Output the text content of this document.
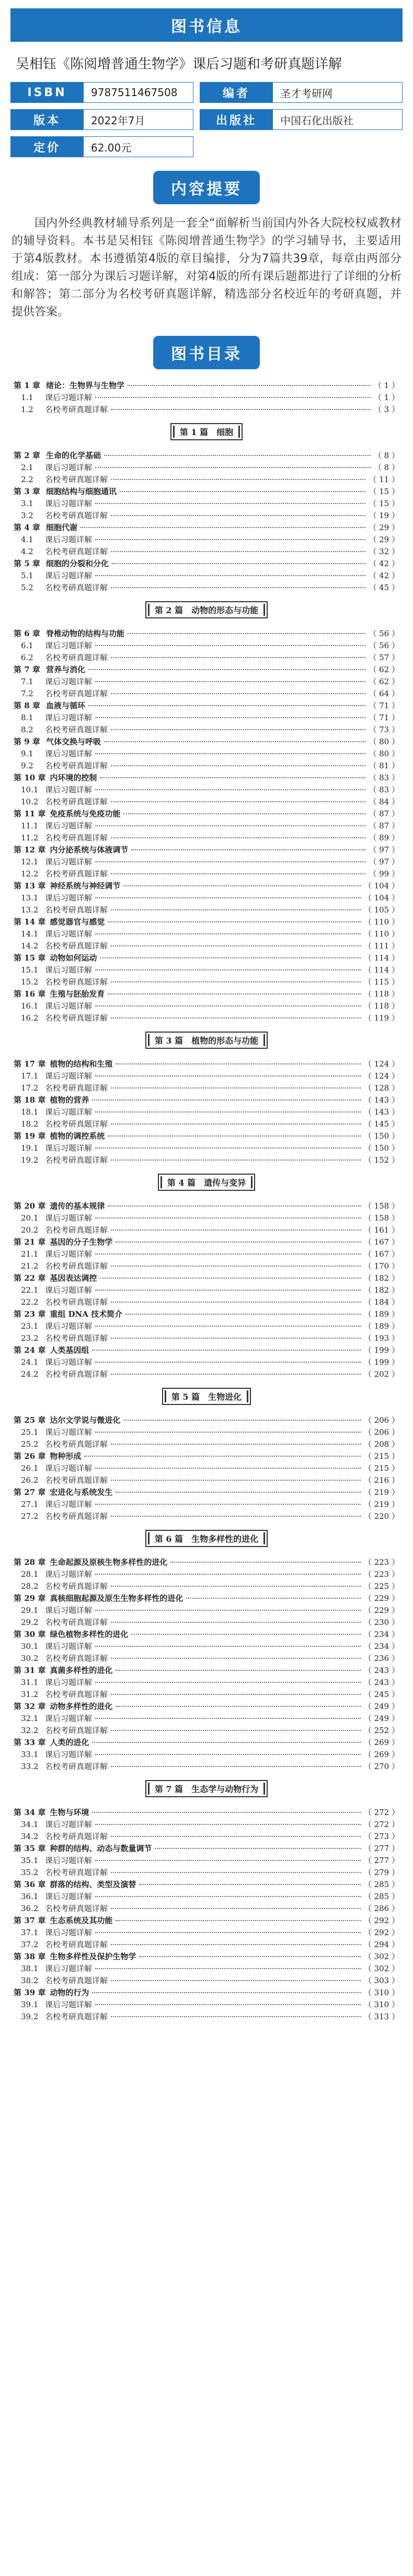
图书信息
吴相钰《陈阅增普通生物学》课后习题和考研真题详解
ISBN	9787511467508	编者	圣才考研网
版本	2022年7月	出版社	中国石化出版社
定价	62.00元
内容提要

国内外经典教材辅导系列是一套全“面解析当前国内外各大院校权威教材的辅导资料。本书是吴相钰《陈阅增普通生物学》的学习辅导书，主要适用于第4版教材。本书遵循第4版的章目编排，分为7篇共39章，每章由两部分组成：第一部分为课后习题详解，对第4版的所有课后题都进行了详细的分析和解答；第二部分为名校考研真题详解，精选部分名校近年的考研真题，并提供答案。

图书目录
第 1 章 绪论：生物界与生物学	（ 1 ）
1.1	课后习题详解	（ 1 ）
1.2	名校考研真题详解	（ 3 ）
第 1 篇　细胞
第 2 章 生命的化学基础	（ 8 ）
2.1	课后习题详解	（ 8 ）
2.2	名校考研真题详解	（ 11 ）
第 3 章 细胞结构与细胞通讯	（ 15 ）
3.1	课后习题详解	（ 15 ）
3.2	名校考研真题详解	（ 19 ）
第 4 章 细胞代谢	（ 29 ）
4.1	课后习题详解	（ 29 ）
4.2	名校考研真题详解	（ 32 ）
第 5 章 细胞的分裂和分化	（ 42 ）
5.1	课后习题详解	（ 42 ）
5.2	名校考研真题详解	（ 45 ）
第 2 篇　动物的形态与功能
第 6 章 脊椎动物的结构与功能	（ 56 ）
6.1	课后习题详解	（ 56 ）
6.2	名校考研真题详解	（ 57 ）
第 7 章 营养与消化	（ 62 ）
7.1	课后习题详解	（ 62 ）
7.2	名校考研真题详解	（ 64 ）
第 8 章 血液与循环	（ 71 ）
8.1	课后习题详解	（ 71 ）
8.2	名校考研真题详解	（ 73 ）
第 9 章 气体交换与呼吸	（ 80 ）
9.1	课后习题详解	（ 80 ）
9.2	名校考研真题详解	（ 81 ）
第 10 章 内环境的控制	（ 83 ）
10.1 课后习题详解	（ 83 ）
10.2 名校考研真题详解	（ 84 ）
第 11 章 免疫系统与免疫功能	（ 87 ）
11.1 课后习题详解	（ 87 ）
11.2 名校考研真题详解	（ 89 ）
第 12 章 内分泌系统与体液调节	（ 97 ）
12.1 课后习题详解	（ 97 ）
12.2 名校考研真题详解	（ 99 ）
第 13 章 神经系统与神经调节	（ 104 ）
13.1 课后习题详解	（ 104 ）
13.2 名校考研真题详解	（ 105 ）
第 14 章 感觉器官与感觉	（ 110 ）
14.1 课后习题详解	（ 110 ）
14.2 名校考研真题详解	（ 111 ）
第 15 章 动物如何运动	（ 114 ）
15.1 课后习题详解	（ 114 ）
15.2 名校考研真题详解	（ 115 ）
第 16 章 生殖与胚胎发育	（ 118 ）
16.1 课后习题详解	（ 118 ）
16.2 名校考研真题详解	（ 119 ）
第 3 篇　植物的形态与功能
第 17 章 植物的结构和生殖	（ 124 ）
17.1 课后习题详解	（ 124 ）
17.2 名校考研真题详解	（ 128 ）
第 18 章 植物的营养	（ 143 ）
18.1 课后习题详解	（ 143 ）
18.2 名校考研真题详解	（ 145 ）
第 19 章 植物的调控系统	（ 150 ）
19.1 课后习题详解	（ 150 ）
19.2 名校考研真题详解	（ 152 ）
第 4 篇　遗传与变异
第 20 章 遗传的基本规律	（ 158 ）
20.1 课后习题详解	（ 158 ）
20.2 名校考研真题详解	（ 161 ）
第 21 章 基因的分子生物学	（ 167 ）
21.1 课后习题详解	（ 167 ）
21.2 名校考研真题详解	（ 170 ）
第 22 章 基因表达调控	（ 182 ）
22.1 课后习题详解	（ 182 ）
22.2 名校考研真题详解	（ 184 ）
第 23 章 重组 DNA 技术简介	（ 189 ）
23.1 课后习题详解	（ 189 ）
23.2 名校考研真题详解	（ 193 ）
第 24 章 人类基因组	（ 199 ）
24.1 课后习题详解	（ 199 ）
24.2 名校考研真题详解	（ 202 ）
第 5 篇　生物进化
第 25 章 达尔文学说与微进化	（ 206 ）
25.1 课后习题详解	（ 206 ）
25.2 名校考研真题详解	（ 208 ）
第 26 章 物种形成	（ 215 ）
26.1 课后习题详解	（ 215 ）
26.2 名校考研真题详解	（ 216 ）
第 27 章 宏进化与系统发生	（ 219 ）
27.1 课后习题详解	（ 219 ）
27.2 名校考研真题详解	（ 220 ）
第 6 篇　生物多样性的进化
第 28 章 生命起源及原核生物多样性的进化	（ 223 ）
28.1 课后习题详解	（ 223 ）
28.2 名校考研真题详解	（ 225 ）
第 29 章 真核细胞起源及原生生物多样性的进化	（ 229 ）
29.1 课后习题详解	（ 229 ）
29.2 名校考研真题详解	（ 230 ）
第 30 章 绿色植物多样性的进化	（ 234 ）
30.1 课后习题详解	（ 234 ）
30.2 名校考研真题详解	（ 236 ）
第 31 章 真菌多样性的进化	（ 243 ）
31.1 课后习题详解	（ 243 ）
31.2 名校考研真题详解	（ 245 ）
第 32 章 动物多样性的进化	（ 249 ）
32.1 课后习题详解	（ 249 ）
32.2 名校考研真题详解	（ 252 ）
第 33 章 人类的进化	（ 269 ）
33.1 课后习题详解	（ 269 ）
33.2 名校考研真题详解	（ 270 ）
第 7 篇　生态学与动物行为
第 34 章 生物与环境	（ 272 ）
34.1 课后习题详解	（ 272 ）
34.2 名校考研真题详解	（ 273 ）
第 35 章 种群的结构、动态与数量调节	（ 277 ）
35.1 课后习题详解	（ 277 ）
35.2 名校考研真题详解	（ 279 ）
第 36 章 群落的结构、类型及演替	（ 285 ）
36.1 课后习题详解	（ 285 ）
36.2 名校考研真题详解	（ 286 ）
第 37 章 生态系统及其功能	（ 292 ）
37.1 课后习题详解	（ 292 ）
37.2 名校考研真题详解	（ 294 ）
第 38 章 生物多样性及保护生物学	（ 302 ）
38.1 课后习题详解	（ 302 ）
38.2 名校考研真题详解	（ 303 ）
第 39 章 动物的行为	（ 310 ）
39.1 课后习题详解	（ 310 ）
39.2 名校考研真题详解	（ 313 ）
